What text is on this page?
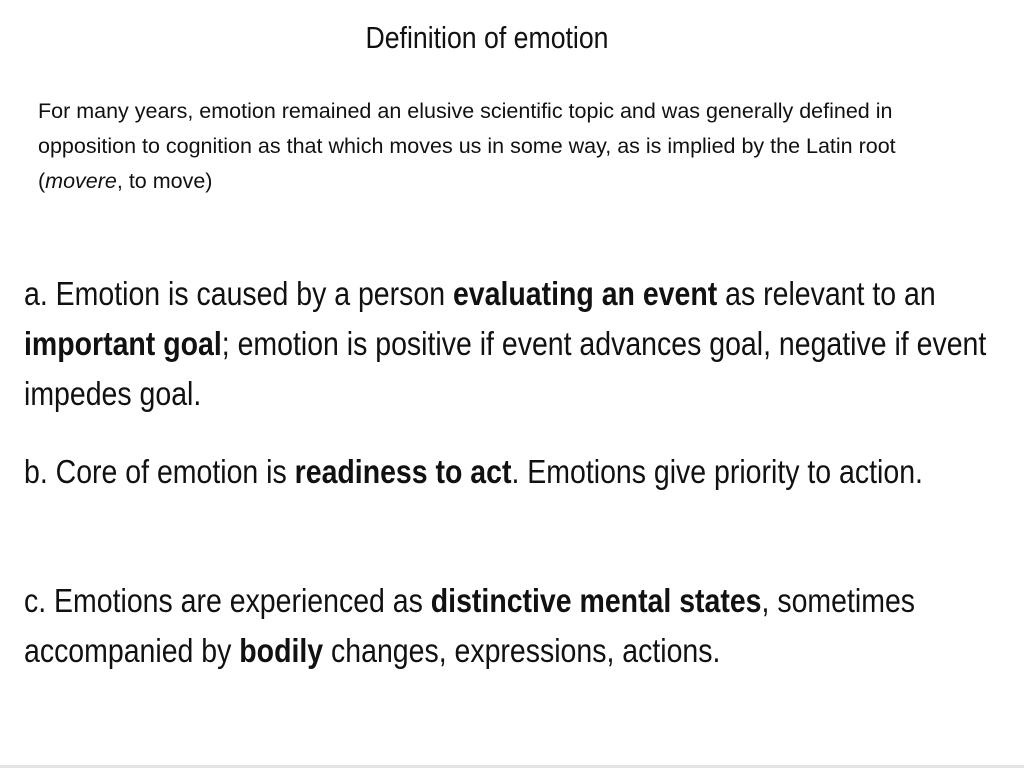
Definition of emotion
For many years, emotion remained an elusive scientific topic and was generally defined in opposition to cognition as that which moves us in some way, as is implied by the Latin root (movere, to move)
a. Emotion is caused by a person evaluating an event as relevant to an important goal; emotion is positive if event advances goal, negative if event impedes goal.
b. Core of emotion is readiness to act. Emotions give priority to action.
c. Emotions are experienced as distinctive mental states, sometimes accompanied by bodily changes, expressions, actions.
